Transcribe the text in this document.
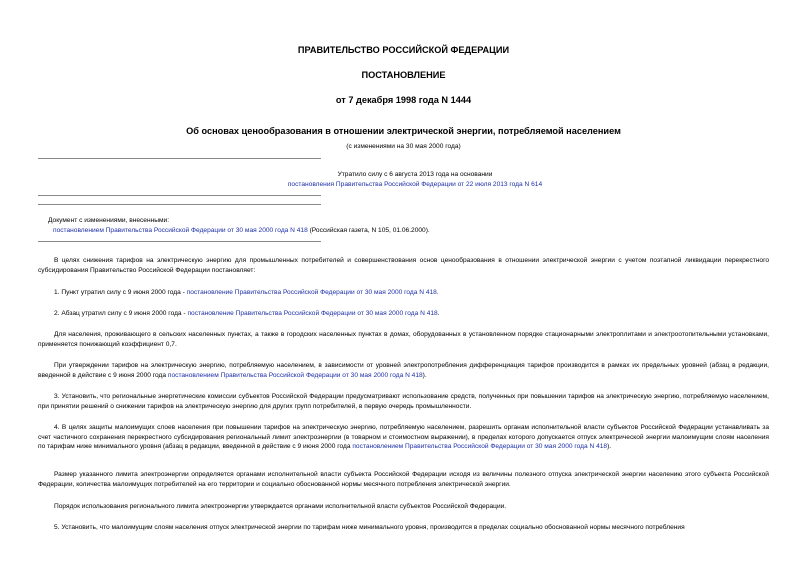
ПРАВИТЕЛЬСТВО РОССИЙСКОЙ ФЕДЕРАЦИИ
ПОСТАНОВЛЕНИЕ
от 7 декабря 1998 года N 1444
Об основах ценообразования в отношении электрической энергии, потребляемой населением
(с изменениями на 30 мая 2000 года)
Утратило силу с 6 августа 2013 года на основании
постановления Правительства Российской Федерации от 22 июля 2013 года N 614
Документ с изменениями, внесенными:
постановлением Правительства Российской Федерации от 30 мая 2000 года N 418 (Российская газета, N 105, 01.06.2000).
В целях снижения тарифов на электрическую энергию для промышленных потребителей и совершенствования основ ценообразования в отношении электрической энергии с учетом поэтапной ликвидации перекрестного субсидирования Правительство Российской Федерации постановляет:
1. Пункт утратил силу с 9 июня 2000 года - постановление Правительства Российской Федерации от 30 мая 2000 года N 418.
2. Абзац утратил силу с 9 июня 2000 года - постановление Правительства Российской Федерации от 30 мая 2000 года N 418.
Для населения, проживающего в сельских населенных пунктах, а также в городских населенных пунктах в домах, оборудованных в установленном порядке стационарными электроплитами и электроотопительными установками, применяется понижающий коэффициент 0,7.
При утверждении тарифов на электрическую энергию, потребляемую населением, в зависимости от уровней электропотребления дифференциация тарифов производится в рамках их предельных уровней (абзац в редакции, введенной в действие с 9 июня 2000 года постановлением Правительства Российской Федерации от 30 мая 2000 года N 418).
3. Установить, что региональные энергетические комиссии субъектов Российской Федерации предусматривают использование средств, полученных при повышении тарифов на электрическую энергию, потребляемую населением, при принятии решений о снижении тарифов на электрическую энергию для других групп потребителей, в первую очередь промышленности.
4. В целях защиты малоимущих слоев населения при повышении тарифов на электрическую энергию, потребляемую населением, разрешить органам исполнительной власти субъектов Российской Федерации устанавливать за счет частичного сохранения перекрестного субсидирования региональный лимит электроэнергии (в товарном и стоимостном выражении), в пределах которого допускается отпуск электрической энергии малоимущим слоям населения по тарифам ниже минимального уровня (абзац в редакции, введенной в действие с 9 июня 2000 года постановлением Правительства Российской Федерации от 30 мая 2000 года N 418).
Размер указанного лимита электроэнергии определяется органами исполнительной власти субъекта Российской Федерации исходя из величины полезного отпуска электрической энергии населению этого субъекта Российской Федерации, количества малоимущих потребителей на его территории и социально обоснованной нормы месячного потребления электрической энергии.
Порядок использования регионального лимита электроэнергии утверждается органами исполнительной власти субъектов Российской Федерации.
5. Установить, что малоимущим слоям населения отпуск электрической энергии по тарифам ниже минимального уровня, производится в пределах социально обоснованной нормы месячного потребления
